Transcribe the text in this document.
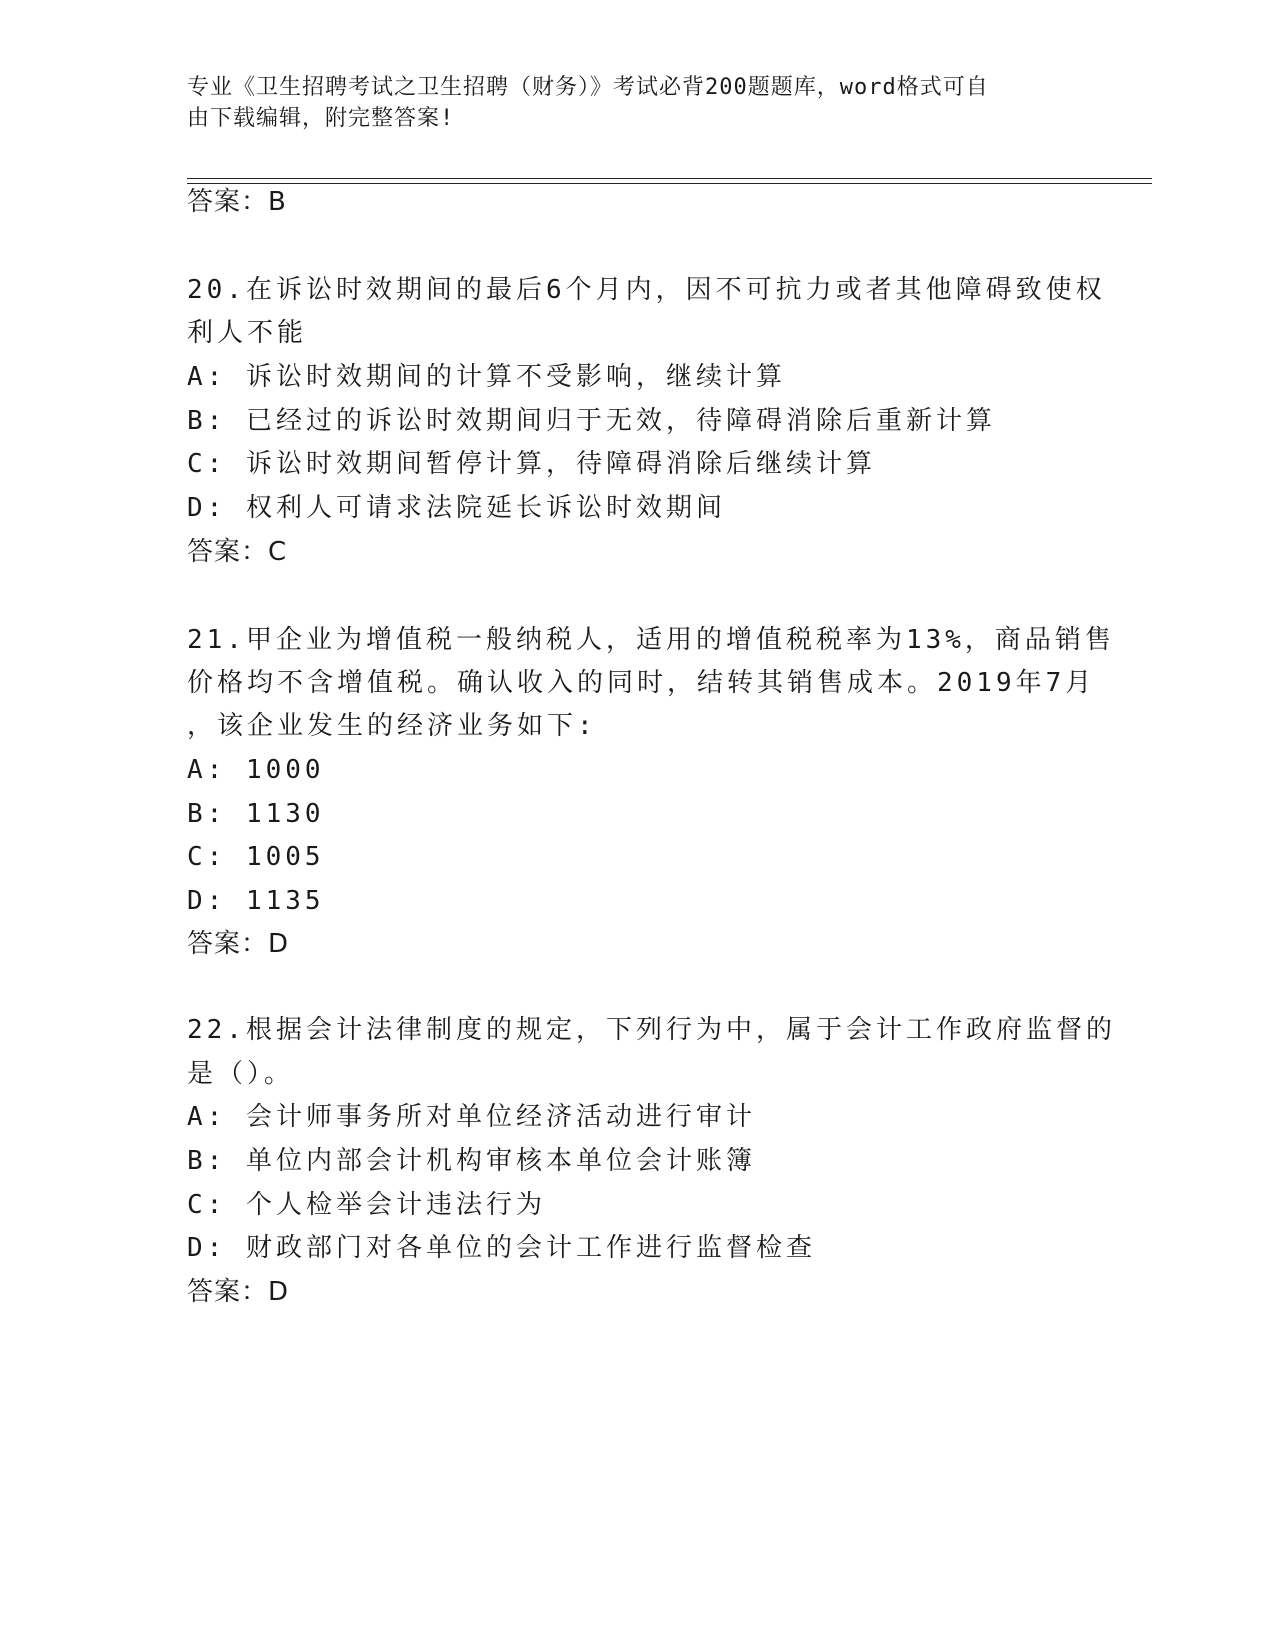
专业《卫生招聘考试之卫生招聘（财务）》考试必背200题题库，word格式可自
由下载编辑，附完整答案!
答案：B
20.在诉讼时效期间的最后6个月内，因不可抗力或者其他障碍致使权
利人不能
A: 诉讼时效期间的计算不受影响，继续计算
B: 已经过的诉讼时效期间归于无效，待障碍消除后重新计算
C: 诉讼时效期间暂停计算，待障碍消除后继续计算
D: 权利人可请求法院延长诉讼时效期间
答案：C
21.甲企业为增值税一般纳税人，适用的增值税税率为13%，商品销售
价格均不含增值税。确认收入的同时，结转其销售成本。2019年7月
，该企业发生的经济业务如下:
A: 1000
B: 1130
C: 1005
D: 1135
答案：D
22.根据会计法律制度的规定，下列行为中，属于会计工作政府监督的
是（）。
A: 会计师事务所对单位经济活动进行审计
B: 单位内部会计机构审核本单位会计账簿
C: 个人检举会计违法行为
D: 财政部门对各单位的会计工作进行监督检查
答案：D
